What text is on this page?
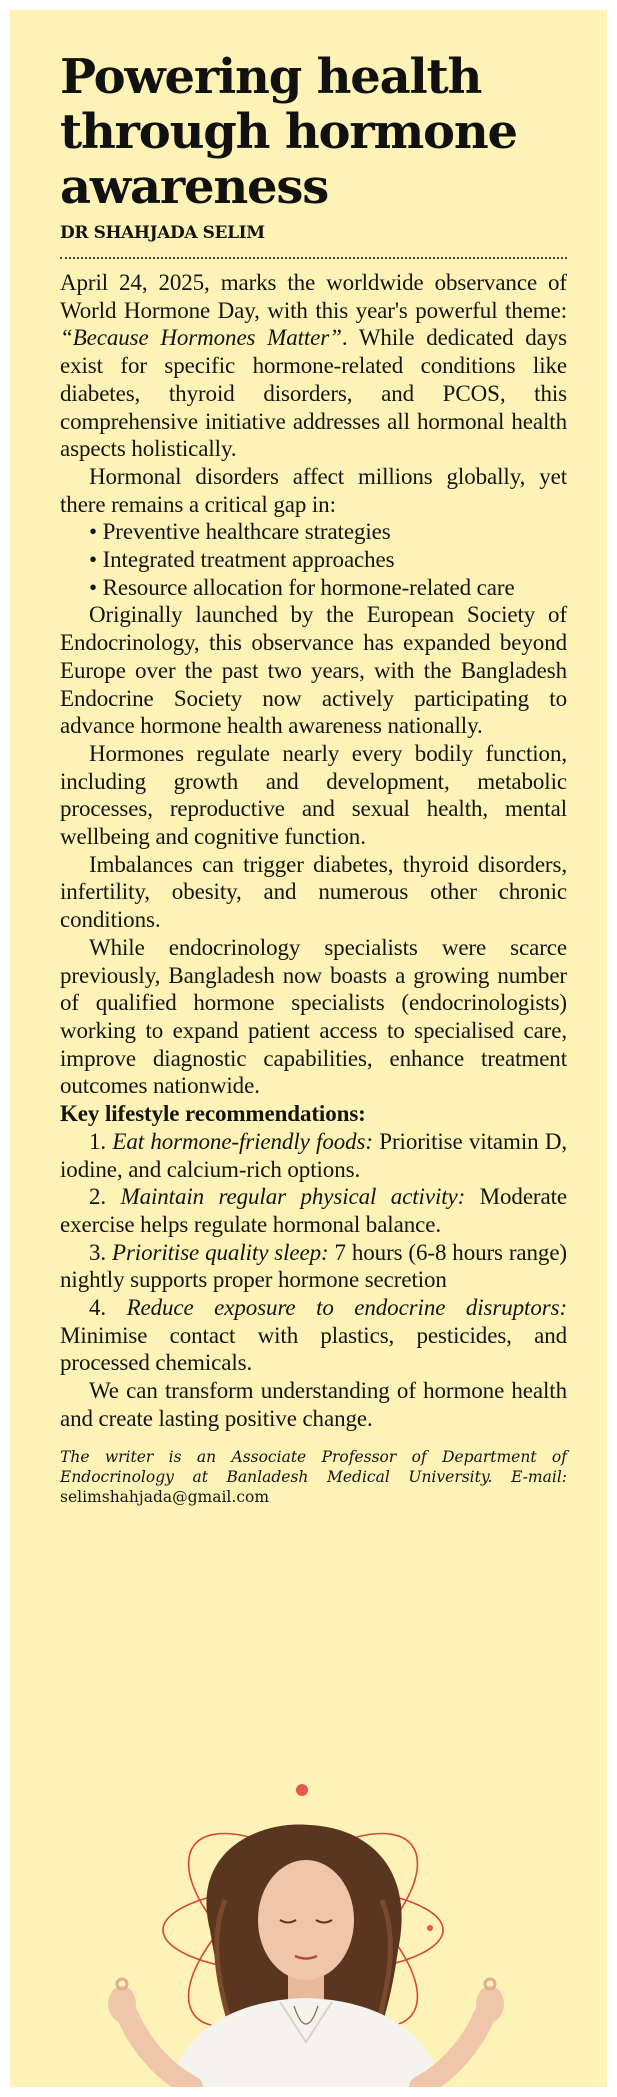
Powering health through hormone awareness
DR SHAHJADA SELIM

April 24, 2025, marks the worldwide observance of World Hormone Day, with this year's powerful theme: “Because Hormones Matter”. While dedicated days exist for specific hormone-related conditions like diabetes, thyroid disorders, and PCOS, this comprehensive initiative addresses all hormonal health aspects holistically.

Hormonal disorders affect millions globally, yet there remains a critical gap in:

• Preventive healthcare strategies

• Integrated treatment approaches

• Resource allocation for hormone-related care

Originally launched by the European Society of Endocrinology, this observance has expanded beyond Europe over the past two years, with the Bangladesh Endocrine Society now actively participating to advance hormone health awareness nationally.

Hormones regulate nearly every bodily function, including growth and development, metabolic processes, reproductive and sexual health, mental wellbeing and cognitive function.

Imbalances can trigger diabetes, thyroid disorders, infertility, obesity, and numerous other chronic conditions.

While endocrinology specialists were scarce previously, Bangladesh now boasts a growing number of qualified hormone specialists (endocrinologists) working to expand patient access to specialised care, improve diagnostic capabilities, enhance treatment outcomes nationwide.

Key lifestyle recommendations:

1. Eat hormone-friendly foods: Prioritise vitamin D, iodine, and calcium-rich options.

2. Maintain regular physical activity: Moderate exercise helps regulate hormonal balance.

3. Prioritise quality sleep: 7 hours (6-8 hours range) nightly supports proper hormone secretion

4. Reduce exposure to endocrine disruptors: Minimise contact with plastics, pesticides, and processed chemicals.

We can transform understanding of hormone health and create lasting positive change.

The writer is an Associate Professor of Department of Endocrinology at Banladesh Medical University. E-mail: selimshahjada@gmail.com
